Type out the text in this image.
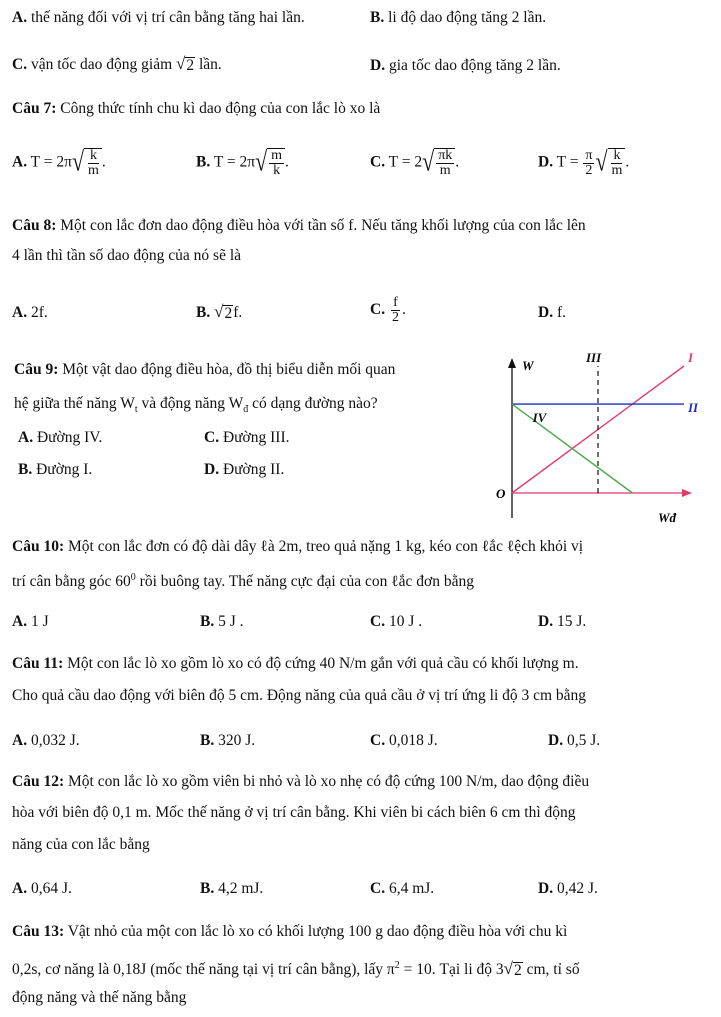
A. thế năng đối với vị trí cân bằng tăng hai lần.	B. li độ dao động tăng 2 lần.
C. vận tốc dao động giảm √ 2 lần.	D. gia tốc dao động tăng 2 lần.
Câu 7: Công thức tính chu kì dao động của con lắc lò xo là
A. T = 2π √ $\frac{k}{m}$ .	B. T = 2π √ $\frac{m}{k}$ .	C. T = 2 √ $\frac{\pi k}{m}$ .	D. $T = \frac{\pi}{2}$ √ $\frac{k}{m}$ .
Câu 8: Một con lắc đơn dao động điều hòa với tần số f. Nếu tăng khối lượng của con lắc lên
4 lần thì tần số dao động của nó sẽ là
A. 2f.	B. √ 2 f.	C. $\frac{f}{2}$ .	D. f.
Câu 9: Một vật dao động điều hòa, đồ thị biểu diễn mối quan
hệ giữa thế năng $W_t$ và động năng $W_đ$ có dạng đường nào?
A. Đường IV.	C. Đường III.
B. Đường I.	D. Đường II.
I
II
IV
III
W
Wđ
O
Câu 10: Một con lắc đơn có độ dài dây ℓà 2m, treo quả nặng 1 kg, kéo con ℓắc ℓệch khỏi vị
trí cân bằng góc $60^0$ rồi buông tay. Thế năng cực đại của con ℓắc đơn bằng
A. 1 J	B. 5 J .	C. 10 J .	D. 15 J.
Câu 11: Một con lắc lò xo gồm lò xo có độ cứng 40 N/m gắn với quả cầu có khối lượng m.
Cho quả cầu dao động với biên độ 5 cm. Động năng của quả cầu ở vị trí ứng li độ 3 cm bằng
A. 0,032 J.	B. 320 J.	C. 0,018 J.	D. 0,5 J.
Câu 12: Một con lắc lò xo gồm viên bi nhỏ và lò xo nhẹ có độ cứng 100 N/m, dao động điều
hòa với biên độ 0,1 m. Mốc thế năng ở vị trí cân bằng. Khi viên bi cách biên 6 cm thì động
năng của con lắc bằng
A. 0,64 J.	B. 4,2 mJ.	C. 6,4 mJ.	D. 0,42 J.
Câu 13: Vật nhỏ của một con lắc lò xo có khối lượng 100 g dao động điều hòa với chu kì
0,2s, cơ năng là 0,18J (mốc thế năng tại vị trí cân bằng), lấy $\pi^2 = 10$. Tại li độ 3 √ 2 cm, tỉ số
động năng và thế năng bằng
